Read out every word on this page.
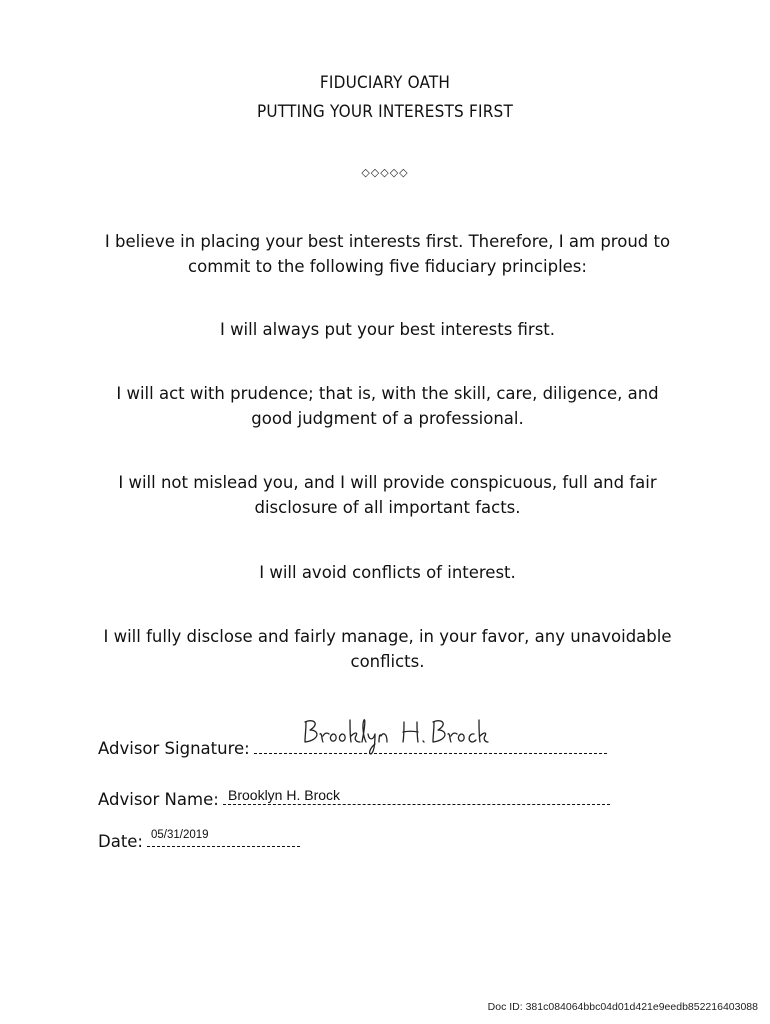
FIDUCIARY OATH
PUTTING YOUR INTERESTS FIRST
◇◇◇◇◇
I believe in placing your best interests first. Therefore, I am proud to commit to the following five fiduciary principles:
I will always put your best interests first.
I will act with prudence; that is, with the skill, care, diligence, and good judgment of a professional.
I will not mislead you, and I will provide conspicuous, full and fair disclosure of all important facts.
I will avoid conflicts of interest.
I will fully disclose and fairly manage, in your favor, any unavoidable conflicts.
Advisor Signature:
Brooklyn H. Brock
Advisor Name: Brooklyn H. Brock
Date: 05/31/2019
Doc ID: 381c084064bbc04d01d421e9eedb852216403088
